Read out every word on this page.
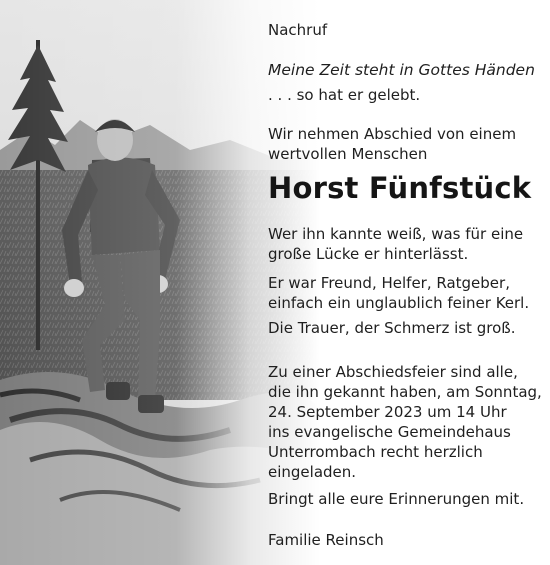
Nachruf

Meine Zeit steht in Gottes Händen

. . . so hat er gelebt.

Wir nehmen Abschied von einem
wertvollen Menschen

Horst Fünfstück

Wer ihn kannte weiß, was für eine
große Lücke er hinterlässt.

Er war Freund, Helfer, Ratgeber,
einfach ein unglaublich feiner Kerl.

Die Trauer, der Schmerz ist groß.

Zu einer Abschiedsfeier sind alle,
die ihn gekannt haben, am Sonntag,
24. September 2023 um 14 Uhr
ins evangelische Gemeindehaus
Unterrombach recht herzlich
eingeladen.

Bringt alle eure Erinnerungen mit.

Familie Reinsch
